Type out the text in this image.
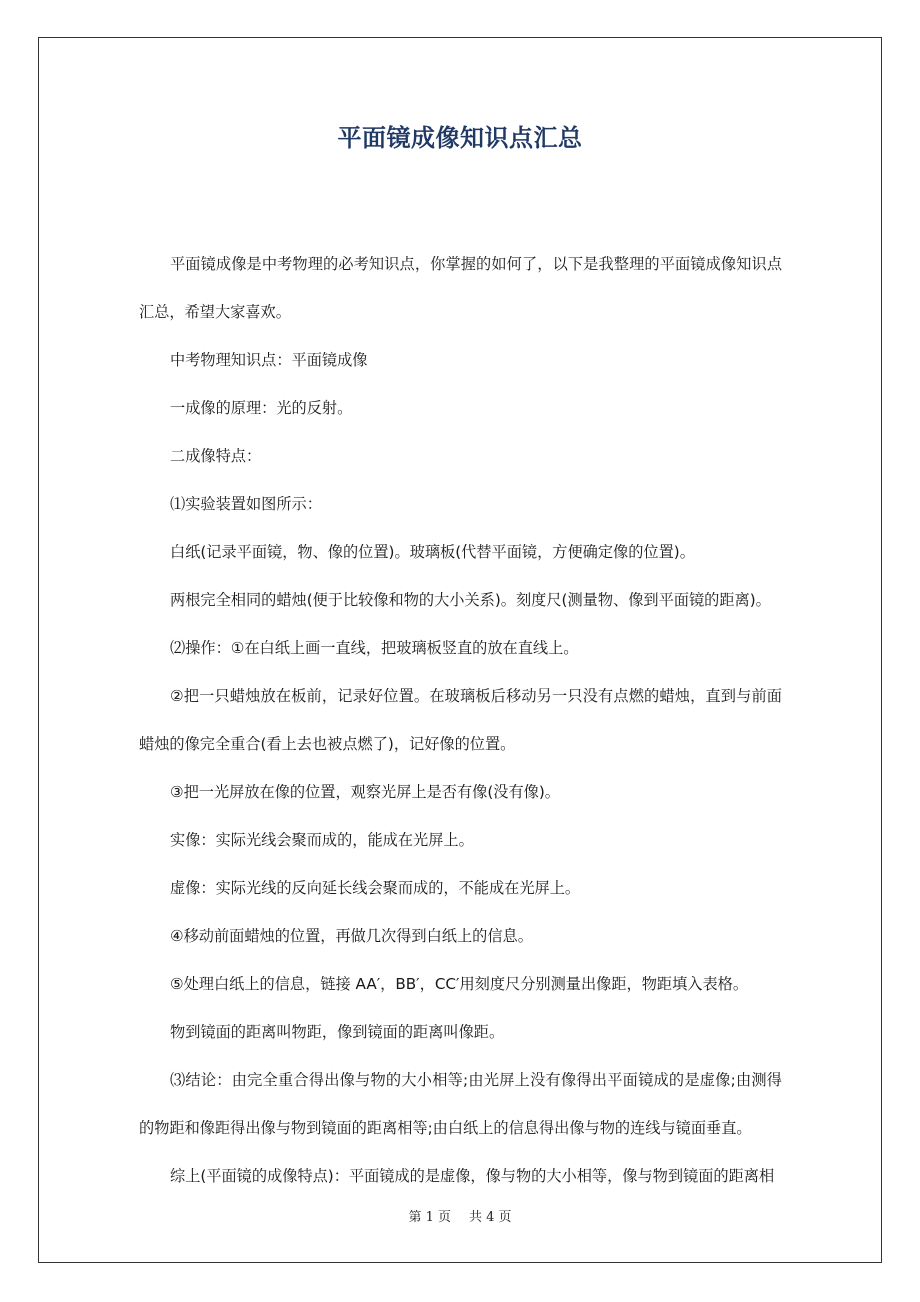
平面镜成像知识点汇总

平面镜成像是中考物理的必考知识点，你掌握的如何了，以下是我整理的平面镜成像知识点汇总，希望大家喜欢。

中考物理知识点：平面镜成像

一成像的原理：光的反射。

二成像特点：

⑴实验装置如图所示：

白纸(记录平面镜，物、像的位置)。玻璃板(代替平面镜，方便确定像的位置)。

两根完全相同的蜡烛(便于比较像和物的大小关系)。刻度尺(测量物、像到平面镜的距离)。

⑵操作：①在白纸上画一直线，把玻璃板竖直的放在直线上。

②把一只蜡烛放在板前，记录好位置。在玻璃板后移动另一只没有点燃的蜡烛，直到与前面蜡烛的像完全重合(看上去也被点燃了)，记好像的位置。

③把一光屏放在像的位置，观察光屏上是否有像(没有像)。

实像：实际光线会聚而成的，能成在光屏上。

虚像：实际光线的反向延长线会聚而成的，不能成在光屏上。

④移动前面蜡烛的位置，再做几次得到白纸上的信息。

⑤处理白纸上的信息，链接 AA′，BB′，CC′用刻度尺分别测量出像距，物距填入表格。

物到镜面的距离叫物距，像到镜面的距离叫像距。

⑶结论：由完全重合得出像与物的大小相等;由光屏上没有像得出平面镜成的是虚像;由测得的物距和像距得出像与物到镜面的距离相等;由白纸上的信息得出像与物的连线与镜面垂直。

综上(平面镜的成像特点)：平面镜成的是虚像，像与物的大小相等，像与物到镜面的距离相

第 1 页 共 4 页
